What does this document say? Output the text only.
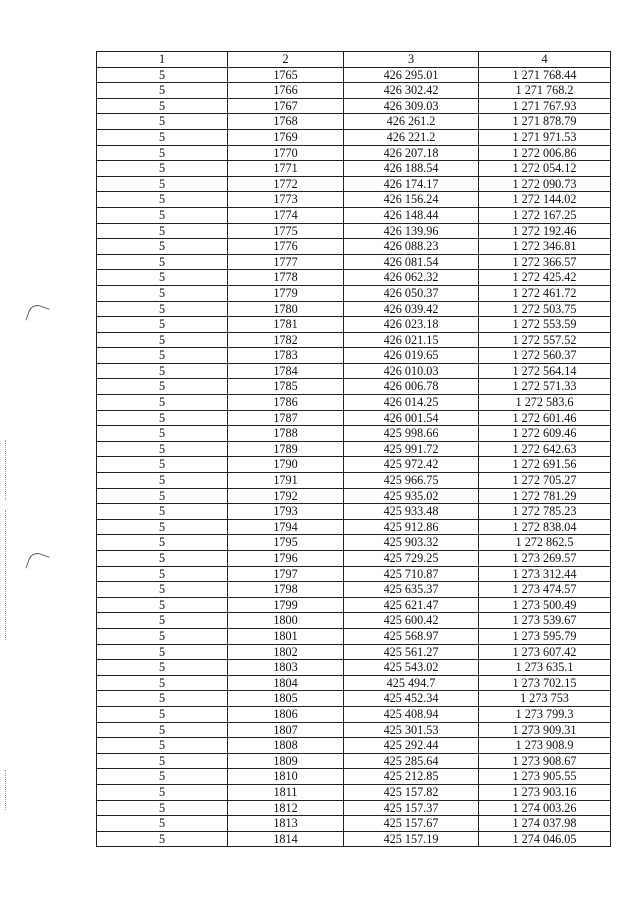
1	2	3	4
5	1765	426 295.01	1 271 768.44
5	1766	426 302.42	1 271 768.2
5	1767	426 309.03	1 271 767.93
5	1768	426 261.2	1 271 878.79
5	1769	426 221.2	1 271 971.53
5	1770	426 207.18	1 272 006.86
5	1771	426 188.54	1 272 054.12
5	1772	426 174.17	1 272 090.73
5	1773	426 156.24	1 272 144.02
5	1774	426 148.44	1 272 167.25
5	1775	426 139.96	1 272 192.46
5	1776	426 088.23	1 272 346.81
5	1777	426 081.54	1 272 366.57
5	1778	426 062.32	1 272 425.42
5	1779	426 050.37	1 272 461.72
5	1780	426 039.42	1 272 503.75
5	1781	426 023.18	1 272 553.59
5	1782	426 021.15	1 272 557.52
5	1783	426 019.65	1 272 560.37
5	1784	426 010.03	1 272 564.14
5	1785	426 006.78	1 272 571.33
5	1786	426 014.25	1 272 583.6
5	1787	426 001.54	1 272 601.46
5	1788	425 998.66	1 272 609.46
5	1789	425 991.72	1 272 642.63
5	1790	425 972.42	1 272 691.56
5	1791	425 966.75	1 272 705.27
5	1792	425 935.02	1 272 781.29
5	1793	425 933.48	1 272 785.23
5	1794	425 912.86	1 272 838.04
5	1795	425 903.32	1 272 862.5
5	1796	425 729.25	1 273 269.57
5	1797	425 710.87	1 273 312.44
5	1798	425 635.37	1 273 474.57
5	1799	425 621.47	1 273 500.49
5	1800	425 600.42	1 273 539.67
5	1801	425 568.97	1 273 595.79
5	1802	425 561.27	1 273 607.42
5	1803	425 543.02	1 273 635.1
5	1804	425 494.7	1 273 702.15
5	1805	425 452.34	1 273 753
5	1806	425 408.94	1 273 799.3
5	1807	425 301.53	1 273 909.31
5	1808	425 292.44	1 273 908.9
5	1809	425 285.64	1 273 908.67
5	1810	425 212.85	1 273 905.55
5	1811	425 157.82	1 273 903.16
5	1812	425 157.37	1 274 003.26
5	1813	425 157.67	1 274 037.98
5	1814	425 157.19	1 274 046.05
